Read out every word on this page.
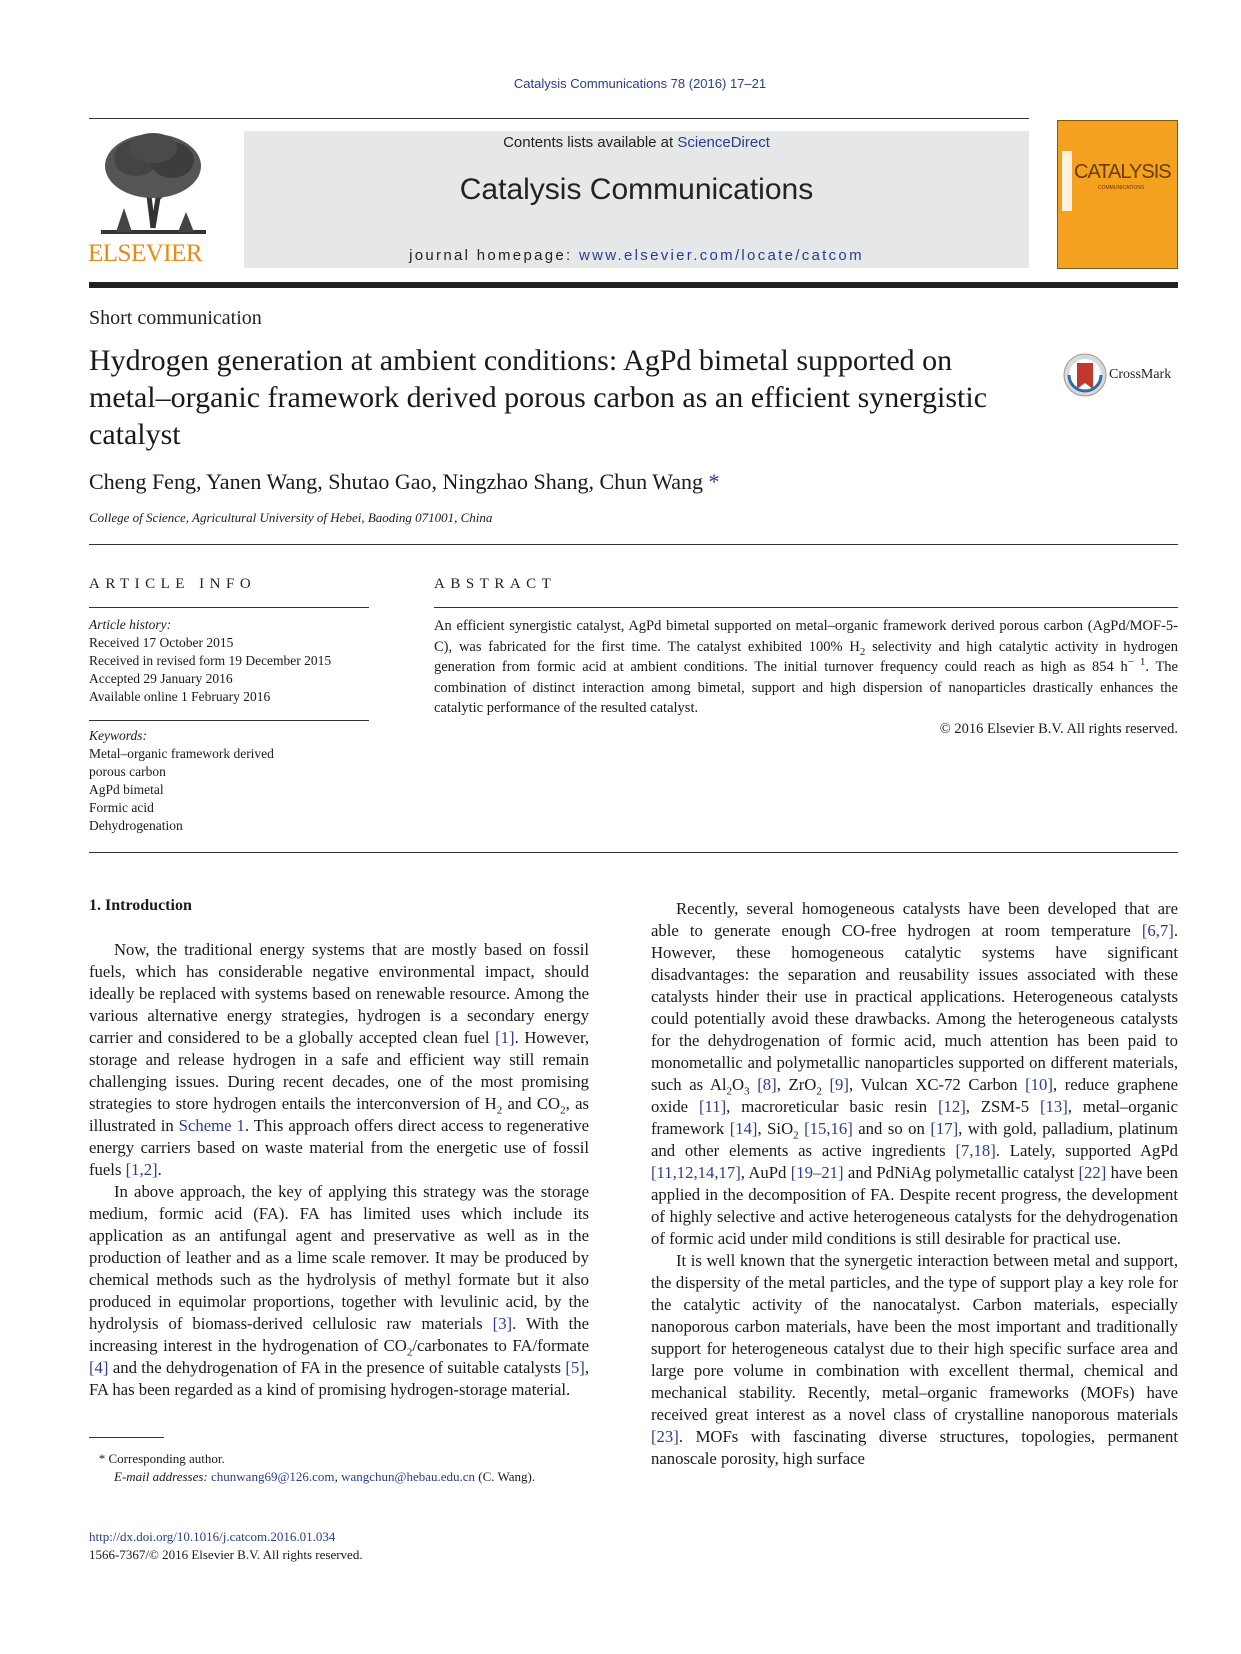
Catalysis Communications 78 (2016) 17–21
ELSEVIER
Contents lists available at ScienceDirect
Catalysis Communications
journal homepage: www.elsevier.com/locate/catcom
CATALYSIS
COMMUNICATIONS
Short communication
Hydrogen generation at ambient conditions: AgPd bimetal supported on metal–organic framework derived porous carbon as an efficient synergistic catalyst
CrossMark
Cheng Feng, Yanen Wang, Shutao Gao, Ningzhao Shang, Chun Wang *
College of Science, Agricultural University of Hebei, Baoding 071001, China
ARTICLE INFO	ABSTRACT
Article history:
Received 17 October 2015
Received in revised form 19 December 2015
Accepted 29 January 2016
Available online 1 February 2016
Keywords:
Metal–organic framework derived
porous carbon
AgPd bimetal
Formic acid
Dehydrogenation
An efficient synergistic catalyst, AgPd bimetal supported on metal–organic framework derived porous carbon (AgPd/MOF-5-C), was fabricated for the first time. The catalyst exhibited 100% $H_2$ selectivity and high catalytic activity in hydrogen generation from formic acid at ambient conditions. The initial turnover frequency could reach as high as 854 $h^{- 1}$. The combination of distinct interaction among bimetal, support and high dispersion of nanoparticles drastically enhances the catalytic performance of the resulted catalyst.
© 2016 Elsevier B.V. All rights reserved.
1. Introduction

Now, the traditional energy systems that are mostly based on fossil fuels, which has considerable negative environmental impact, should ideally be replaced with systems based on renewable resource. Among the various alternative energy strategies, hydrogen is a secondary energy carrier and considered to be a globally accepted clean fuel [1]. However, storage and release hydrogen in a safe and efficient way still remain challenging issues. During recent decades, one of the most promising strategies to store hydrogen entails the interconversion of $H_2$ and $CO_2$, as illustrated in Scheme 1. This approach offers direct access to regenerative energy carriers based on waste material from the energetic use of fossil fuels [1,2].

In above approach, the key of applying this strategy was the storage medium, formic acid (FA). FA has limited uses which include its application as an antifungal agent and preservative as well as in the production of leather and as a lime scale remover. It may be produced by chemical methods such as the hydrolysis of methyl formate but it also produced in equimolar proportions, together with levulinic acid, by the hydrolysis of biomass-derived cellulosic raw materials [3]. With the increasing interest in the hydrogenation of $CO_2$/carbonates to FA/formate [4] and the dehydrogenation of FA in the presence of suitable catalysts [5], FA has been regarded as a kind of promising hydrogen-storage material.

Recently, several homogeneous catalysts have been developed that are able to generate enough CO-free hydrogen at room temperature [6,7]. However, these homogeneous catalytic systems have significant disadvantages: the separation and reusability issues associated with these catalysts hinder their use in practical applications. Heterogeneous catalysts could potentially avoid these drawbacks. Among the heterogeneous catalysts for the dehydrogenation of formic acid, much attention has been paid to monometallic and polymetallic nanoparticles supported on different materials, such as $Al_2O_3$ [8], ZrO$_2$ [9], Vulcan XC-72 Carbon [10], reduce graphene oxide [11], macroreticular basic resin [12], ZSM-5 [13], metal–organic framework [14], SiO$_2$ [15,16] and so on [17], with gold, palladium, platinum and other elements as active ingredients [7,18]. Lately, supported AgPd [11,12,14,17], AuPd [19–21] and PdNiAg polymetallic catalyst [22] have been applied in the decomposition of FA. Despite recent progress, the development of highly selective and active heterogeneous catalysts for the dehydrogenation of formic acid under mild conditions is still desirable for practical use.

It is well known that the synergetic interaction between metal and support, the dispersity of the metal particles, and the type of support play a key role for the catalytic activity of the nanocatalyst. Carbon materials, especially nanoporous carbon materials, have been the most important and traditionally support for heterogeneous catalyst due to their high specific surface area and large pore volume in combination with excellent thermal, chemical and mechanical stability. Recently, metal–organic frameworks (MOFs) have received great interest as a novel class of crystalline nanoporous materials [23]. MOFs with fascinating diverse structures, topologies, permanent nanoscale porosity, high surface

* Corresponding author.
E-mail addresses: chunwang69@126.com, wangchun@hebau.edu.cn (C. Wang).
http://dx.doi.org/10.1016/j.catcom.2016.01.034
1566-7367/© 2016 Elsevier B.V. All rights reserved.
